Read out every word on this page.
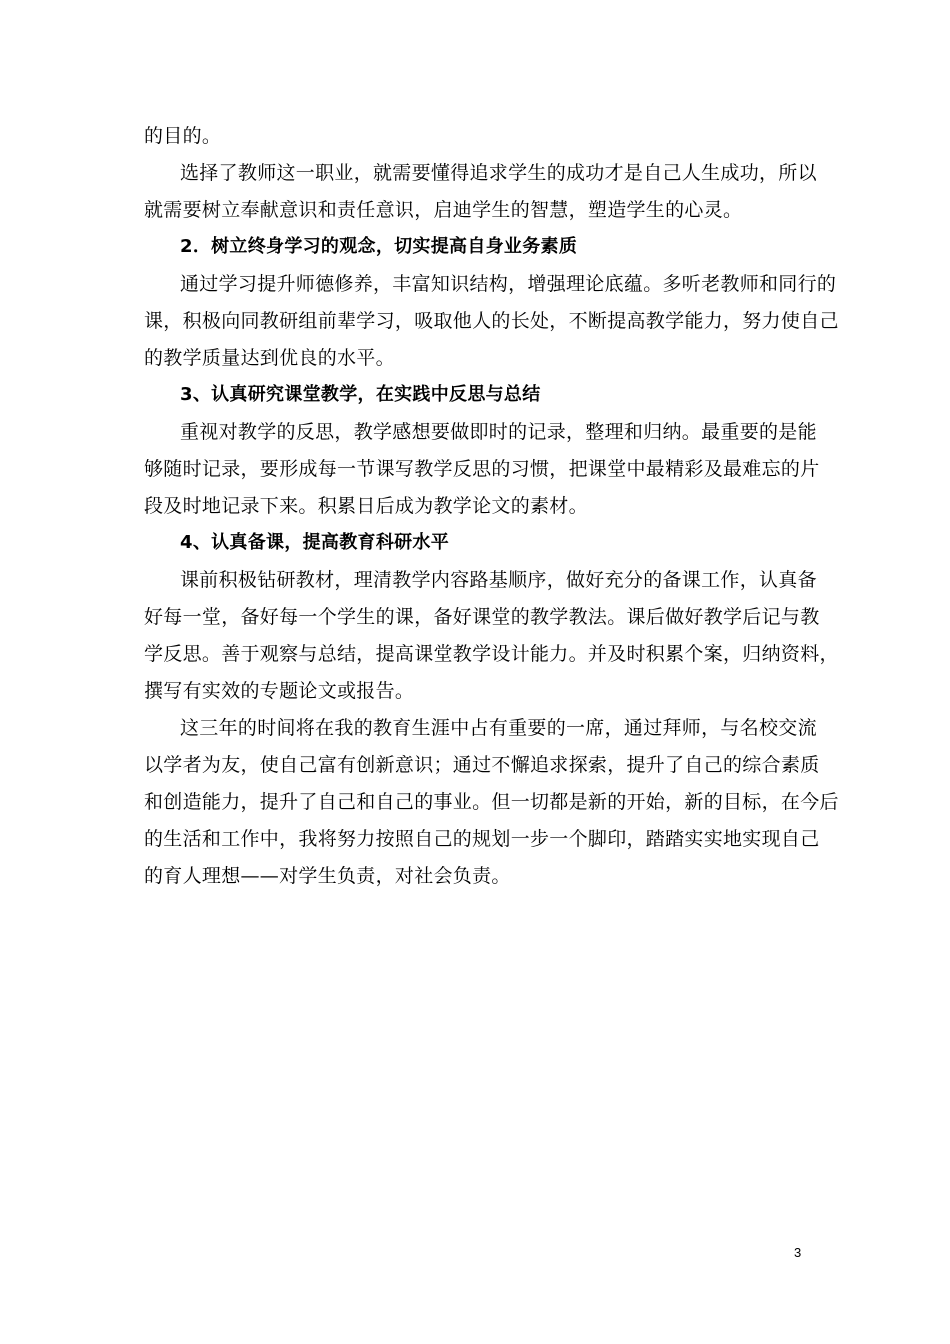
的目的。
选择了教师这一职业，就需要懂得追求学生的成功才是自己人生成功，所以
就需要树立奉献意识和责任意识，启迪学生的智慧，塑造学生的心灵。
2．树立终身学习的观念，切实提高自身业务素质
通过学习提升师德修养，丰富知识结构，增强理论底蕴。多听老教师和同行的
课，积极向同教研组前辈学习，吸取他人的长处，不断提高教学能力，努力使自己
的教学质量达到优良的水平。
3、认真研究课堂教学，在实践中反思与总结
重视对教学的反思，教学感想要做即时的记录，整理和归纳。最重要的是能
够随时记录，要形成每一节课写教学反思的习惯，把课堂中最精彩及最难忘的片
段及时地记录下来。积累日后成为教学论文的素材。
4、认真备课，提高教育科研水平
课前积极钻研教材，理清教学内容路基顺序，做好充分的备课工作，认真备
好每一堂，备好每一个学生的课，备好课堂的教学教法。课后做好教学后记与教
学反思。善于观察与总结，提高课堂教学设计能力。并及时积累个案，归纳资料，
撰写有实效的专题论文或报告。
这三年的时间将在我的教育生涯中占有重要的一席，通过拜师，与名校交流
以学者为友，使自己富有创新意识；通过不懈追求探索，提升了自己的综合素质
和创造能力，提升了自己和自己的事业。但一切都是新的开始，新的目标，在今后
的生活和工作中，我将努力按照自己的规划一步一个脚印，踏踏实实地实现自己
的育人理想——对学生负责，对社会负责。
3
